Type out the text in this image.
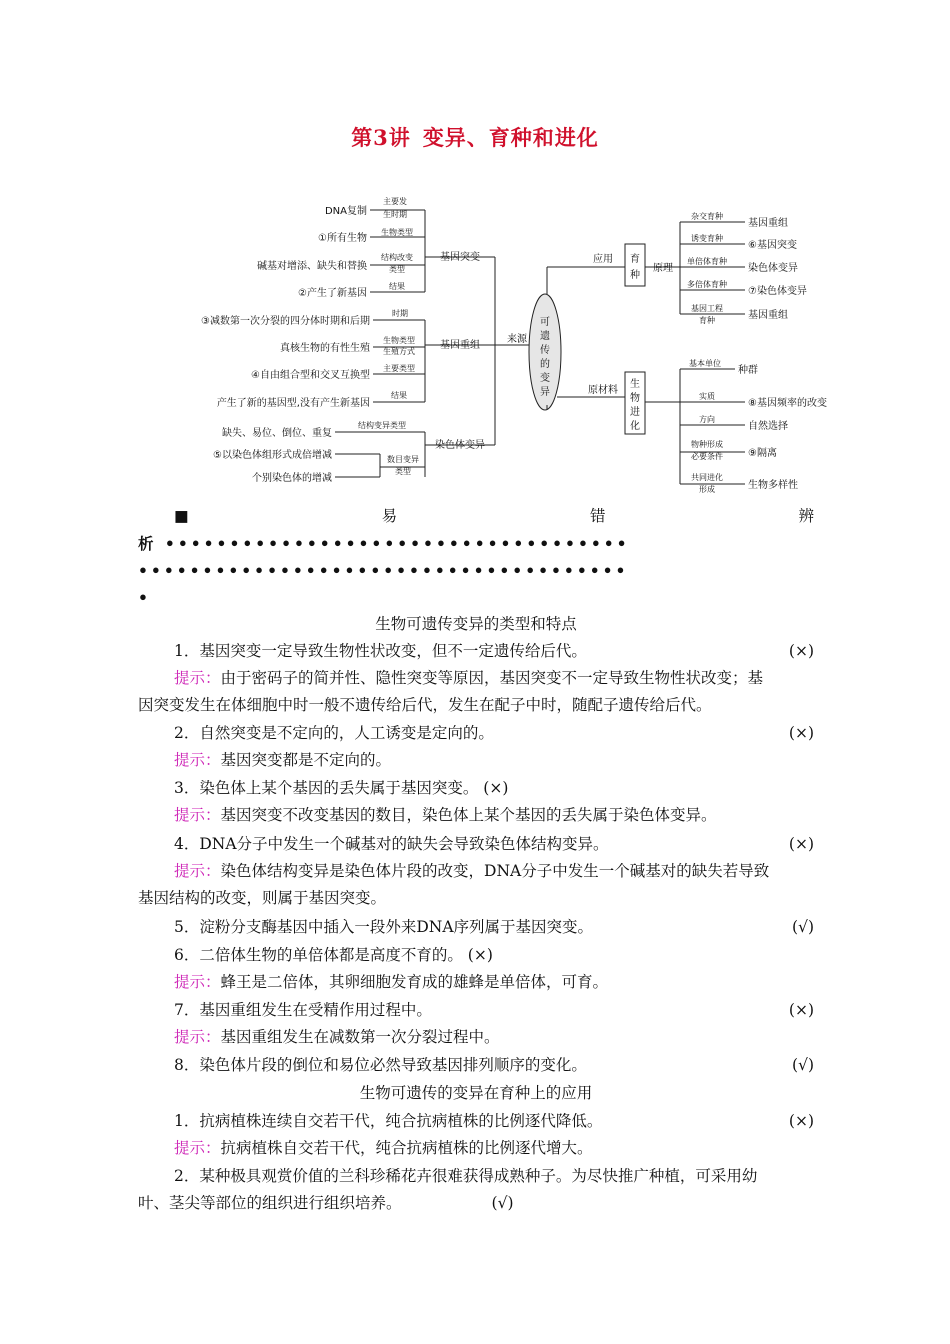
第3讲 变异、育种和进化
主要发
生时期
生物类型
结构改变
类型
结果
DNA复制
①所有生物
碱基对增添、缺失和替换
②产生了新基因
基因突变
时期
生物类型
生殖方式
主要类型
结果
③减数第一次分裂的四分体时期和后期
真核生物的有性生殖
④自由组合型和交叉互换型
产生了新的基因型,没有产生新基因
基因重组
结构变异类型
数目变异
类型
缺失、易位、倒位、重复
⑤以染色体组形式成倍增减
个别染色体的增减
染色体变异
来源
可
遗
传
的
变
异
应用 育
种
原理
原材料
生
物
进
化
杂交育种
诱变育种
单倍体育种
多倍体育种
基因工程
育种
基因重组
⑥基因突变
染色体变异
⑦染色体变异
基因重组
基本单位
实质
方向
物种形成
必要条件
共同进化
形成
种群
⑧基因频率的改变
自然选择
⑨隔离
生物多样性
■	易	错	辨
析 ••••••••••••••••••••••••••••••••••••
••••••••••••••••••••••••••••••••••••••
•
生物可遗传变异的类型和特点
1．基因突变一定导致生物性状改变，但不一定遗传给后代。	(×)
提示：由于密码子的简并性、隐性突变等原因，基因突变不一定导致生物性状改变；基
因突变发生在体细胞中时一般不遗传给后代，发生在配子中时，随配子遗传给后代。
2．自然突变是不定向的，人工诱变是定向的。	(×)
提示：基因突变都是不定向的。
3．染色体上某个基因的丢失属于基因突变。 (×)
提示：基因突变不改变基因的数目，染色体上某个基因的丢失属于染色体变异。
4．DNA分子中发生一个碱基对的缺失会导致染色体结构变异。	(×)
提示：染色体结构变异是染色体片段的改变，DNA分子中发生一个碱基对的缺失若导致
基因结构的改变，则属于基因突变。
5．淀粉分支酶基因中插入一段外来DNA序列属于基因突变。	(√)
6．二倍体生物的单倍体都是高度不育的。 (×)
提示：蜂王是二倍体，其卵细胞发育成的雄蜂是单倍体，可育。
7．基因重组发生在受精作用过程中。	(×)
提示：基因重组发生在减数第一次分裂过程中。
8．染色体片段的倒位和易位必然导致基因排列顺序的变化。	(√)
生物可遗传的变异在育种上的应用
1．抗病植株连续自交若干代，纯合抗病植株的比例逐代降低。	(×)
提示：抗病植株自交若干代，纯合抗病植株的比例逐代增大。
2．某种极具观赏价值的兰科珍稀花卉很难获得成熟种子。为尽快推广种植，可采用幼
叶、茎尖等部位的组织进行组织培养。	(√)
